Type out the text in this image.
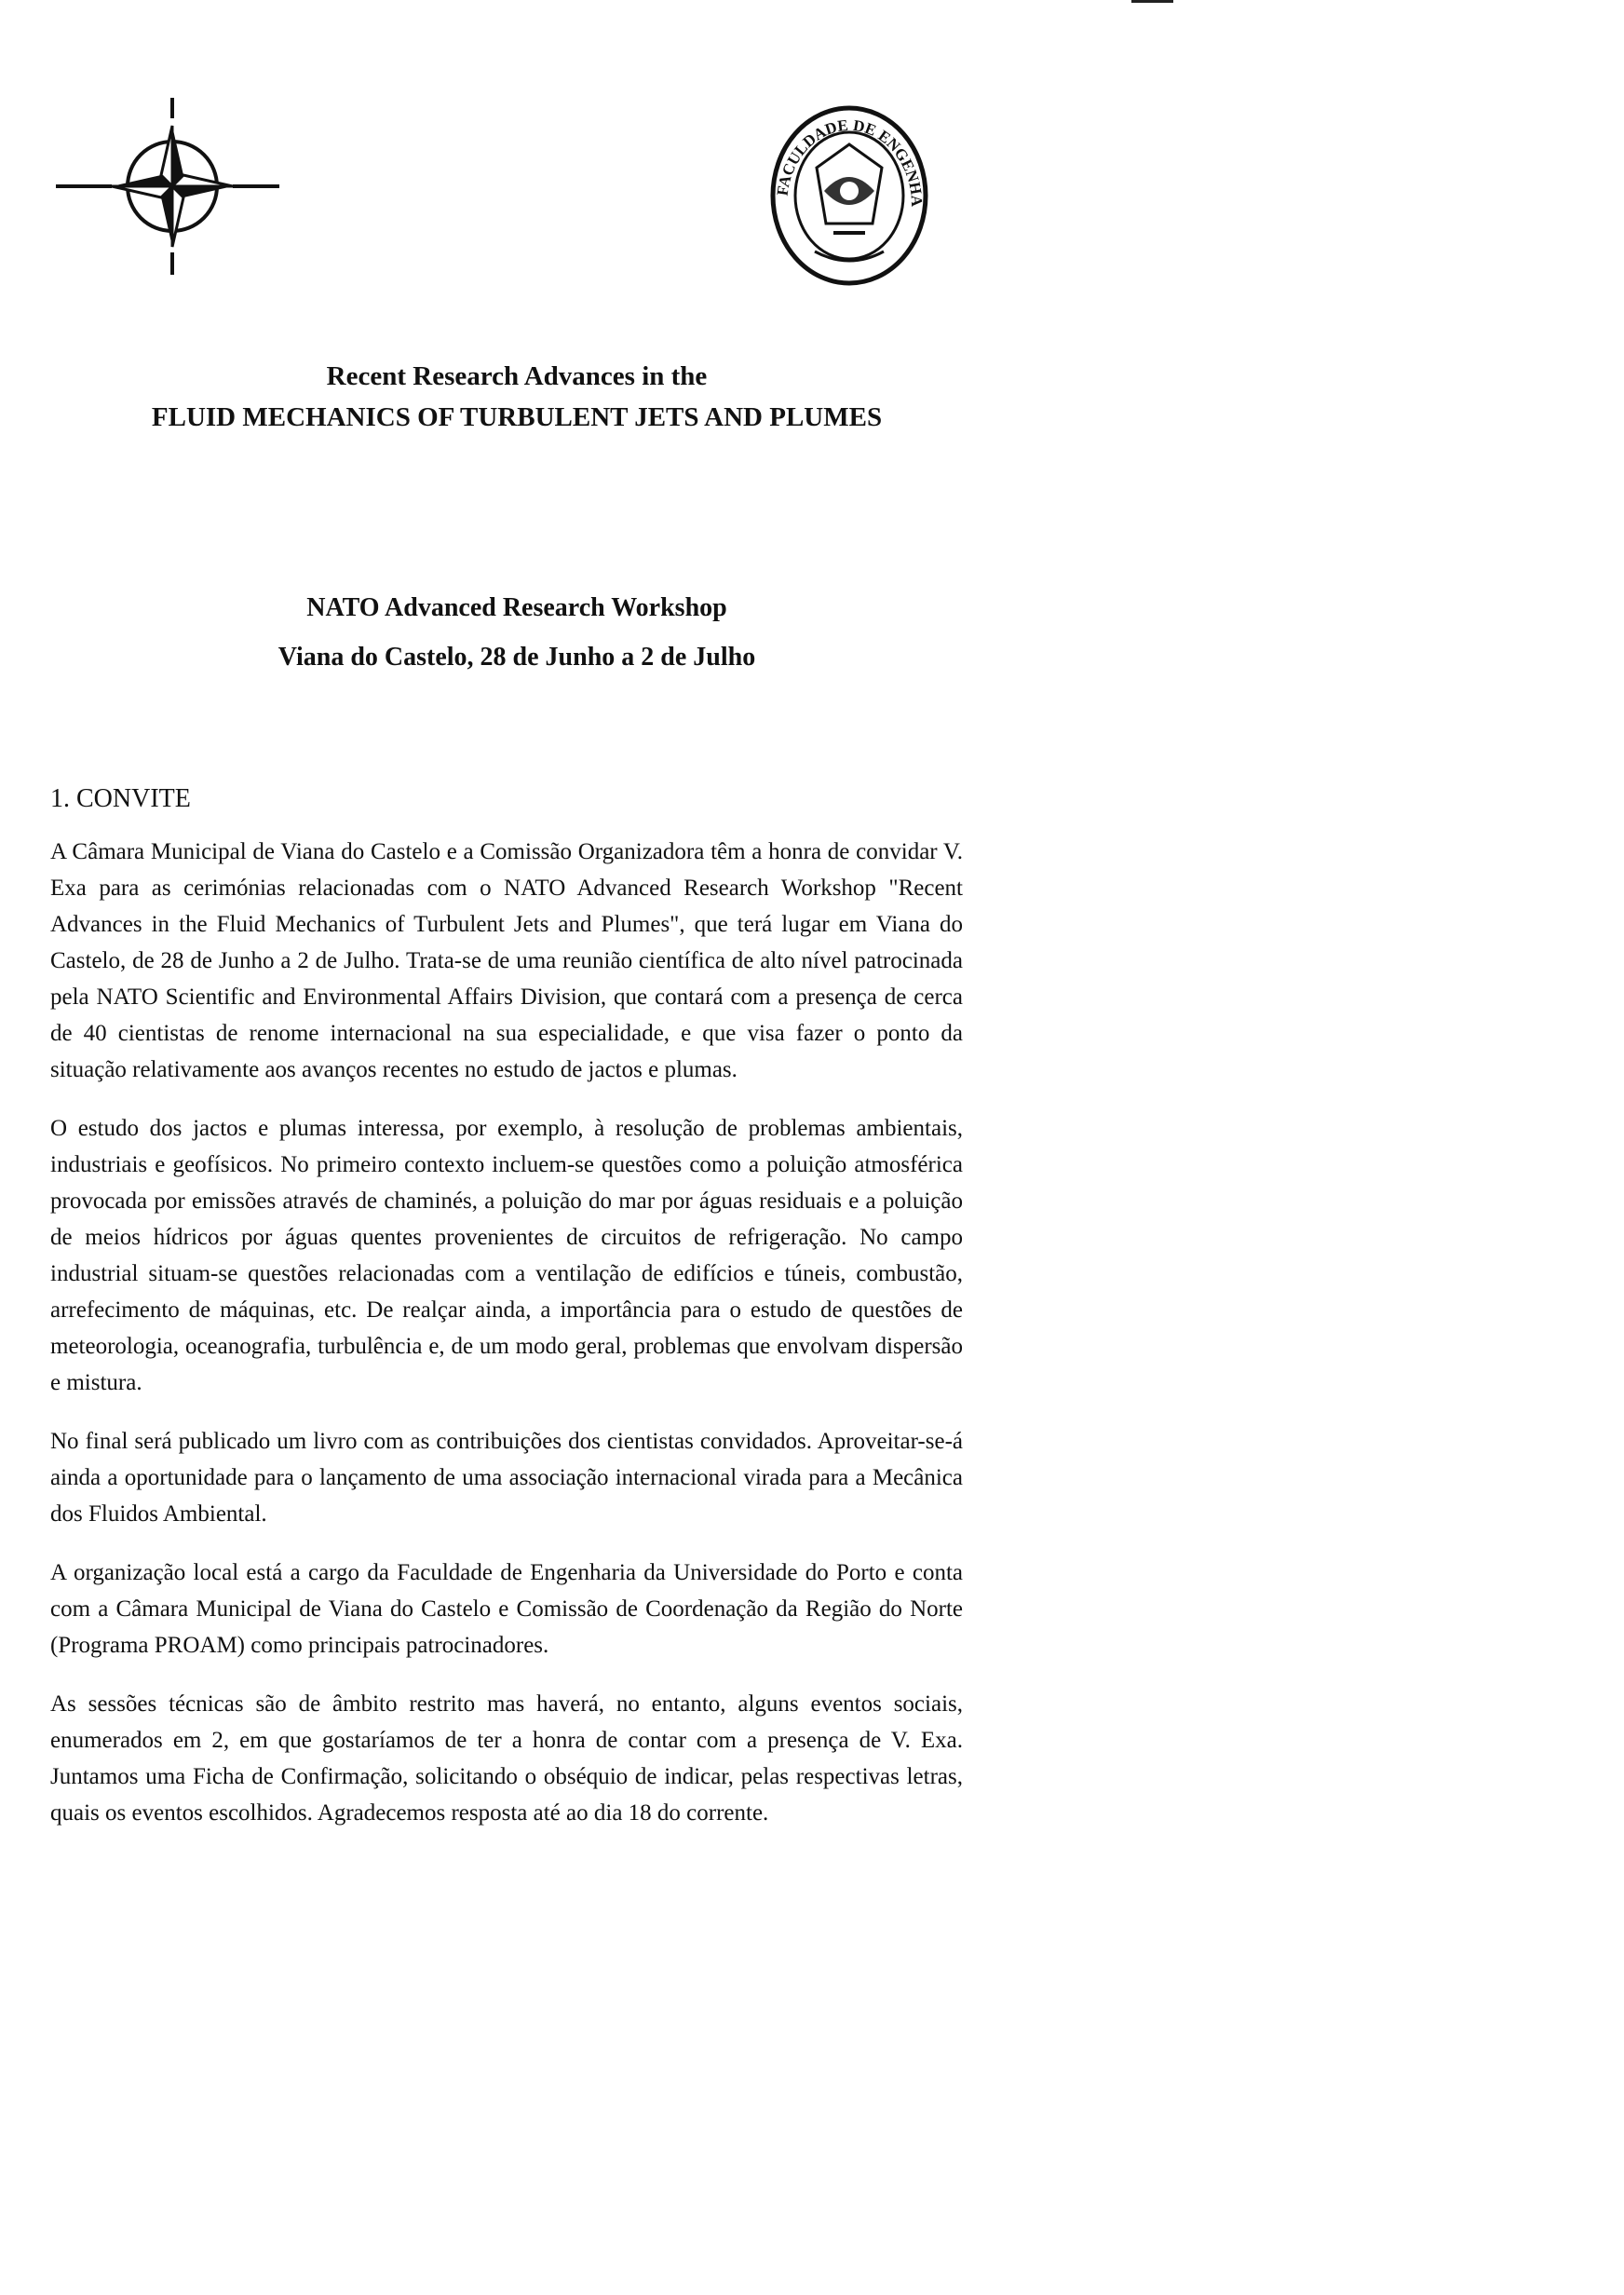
FACULDADE DE ENGENHA
Recent Research Advances in the
FLUID MECHANICS OF TURBULENT JETS AND PLUMES
NATO Advanced Research Workshop
Viana do Castelo, 28 de Junho a 2 de Julho
1. CONVITE

A Câmara Municipal de Viana do Castelo e a Comissão Organizadora têm a honra de convidar V. Exa para as cerimónias relacionadas com o NATO Advanced Research Workshop "Recent Advances in the Fluid Mechanics of Turbulent Jets and Plumes", que terá lugar em Viana do Castelo, de 28 de Junho a 2 de Julho. Trata-se de uma reunião científica de alto nível patrocinada pela NATO Scientific and Environmental Affairs Division, que contará com a presença de cerca de 40 cientistas de renome internacional na sua especialidade, e que visa fazer o ponto da situação relativamente aos avanços recentes no estudo de jactos e plumas.

O estudo dos jactos e plumas interessa, por exemplo, à resolução de problemas ambientais, industriais e geofísicos. No primeiro contexto incluem-se questões como a poluição atmosférica provocada por emissões através de chaminés, a poluição do mar por águas residuais e a poluição de meios hídricos por águas quentes provenientes de circuitos de refrigeração. No campo industrial situam-se questões relacionadas com a ventilação de edifícios e túneis, combustão, arrefecimento de máquinas, etc. De realçar ainda, a importância para o estudo de questões de meteorologia, oceanografia, turbulência e, de um modo geral, problemas que envolvam dispersão e mistura.

No final será publicado um livro com as contribuições dos cientistas convidados. Aproveitar-se-á ainda a oportunidade para o lançamento de uma associação internacional virada para a Mecânica dos Fluidos Ambiental.

A organização local está a cargo da Faculdade de Engenharia da Universidade do Porto e conta com a Câmara Municipal de Viana do Castelo e Comissão de Coordenação da Região do Norte (Programa PROAM) como principais patrocinadores.

As sessões técnicas são de âmbito restrito mas haverá, no entanto, alguns eventos sociais, enumerados em 2, em que gostaríamos de ter a honra de contar com a presença de V. Exa. Juntamos uma Ficha de Confirmação, solicitando o obséquio de indicar, pelas respectivas letras, quais os eventos escolhidos. Agradecemos resposta até ao dia 18 do corrente.
